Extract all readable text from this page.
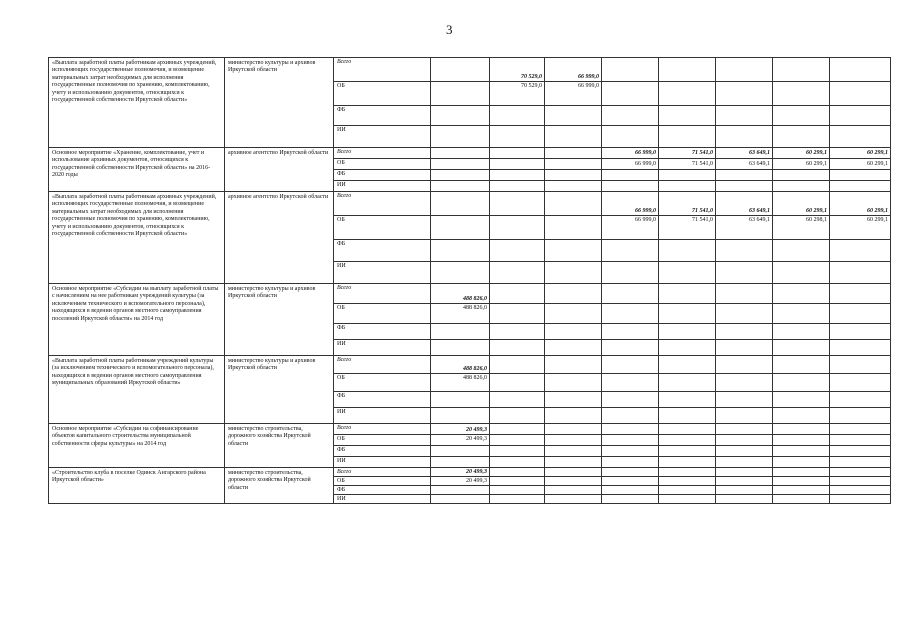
3
«Выплата заработной платы работникам архивных учреждений, исполняющих государственные полномочия, и возмещение материальных затрат необходимых для исполнения государственные полномочия по хранению, комплектованию, учету и использованию документов, относящихся к государственной собственности Иркутской области»	министерство культуры и архивов Иркутской области	Всего		70 529,0	66 999,0					
		ОБ		70 529,0	66 999,0					
		ФБ								
		ИИ								
Основное мероприятие «Хранение, комплектование, учет и использование архивных документов, относящихся к государственной собственности Иркутской области» на 2016-2020 годы	архивное агентство Иркутской области	Всего				66 999,0	71 541,0	63 649,1	60 299,1	60 299,1
		ОБ				66 999,0	71 541,0	63 649,1	60 299,1	60 299,1
		ФБ								
		ИИ								
«Выплата заработной платы работникам архивных учреждений, исполняющих государственные полномочия, и возмещение материальных затрат необходимых для исполнения государственные полномочия по хранению, комплектованию, учету и использованию документов, относящихся к государственной собственности Иркутской области»	архивное агентство Иркутской области	Всего				66 999,0	71 541,0	63 649,1	60 299,1	60 299,1
		ОБ				66 999,0	71 541,0	63 649,1	60 298,1	60 299,1
		ФБ								
		ИИ								
Основное мероприятие «Субсидии на выплату заработной платы с начислением на нее работникам учреждений культуры (за исключением технического и вспомогательного персонала), находящихся в ведении органов местного самоуправления поселений Иркутской области» на 2014 год	министерство культуры и архивов Иркутской области	Всего	488 826,0							
		ОБ	488 826,0							
		ФБ								
		ИИ								
«Выплата заработной платы работникам учреждений культуры (за исключением технического и вспомогательного персонала), находящихся в ведении органов местного самоуправления муниципальных образований Иркутской области»	министерство культуры и архивов Иркутской области	Всего	488 826,0							
		ОБ	488 826,0							
		ФБ								
		ИИ								
Основное мероприятие «Субсидии на софинансирование объектов капитального строительства муниципальной собственности сферы культуры» на 2014 год	министерство строительства, дорожного хозяйства Иркутской области	Всего	20 499,3							
		ОБ	20 499,3							
		ФБ								
		ИИ								
«Строительство клуба в поселке Одинск Ангарского района Иркутской области»	министерство строительства, дорожного хозяйства Иркутской области	Всего	20 499,3							
		ОБ	20 499,3							
		ФБ								
		ИИ								
